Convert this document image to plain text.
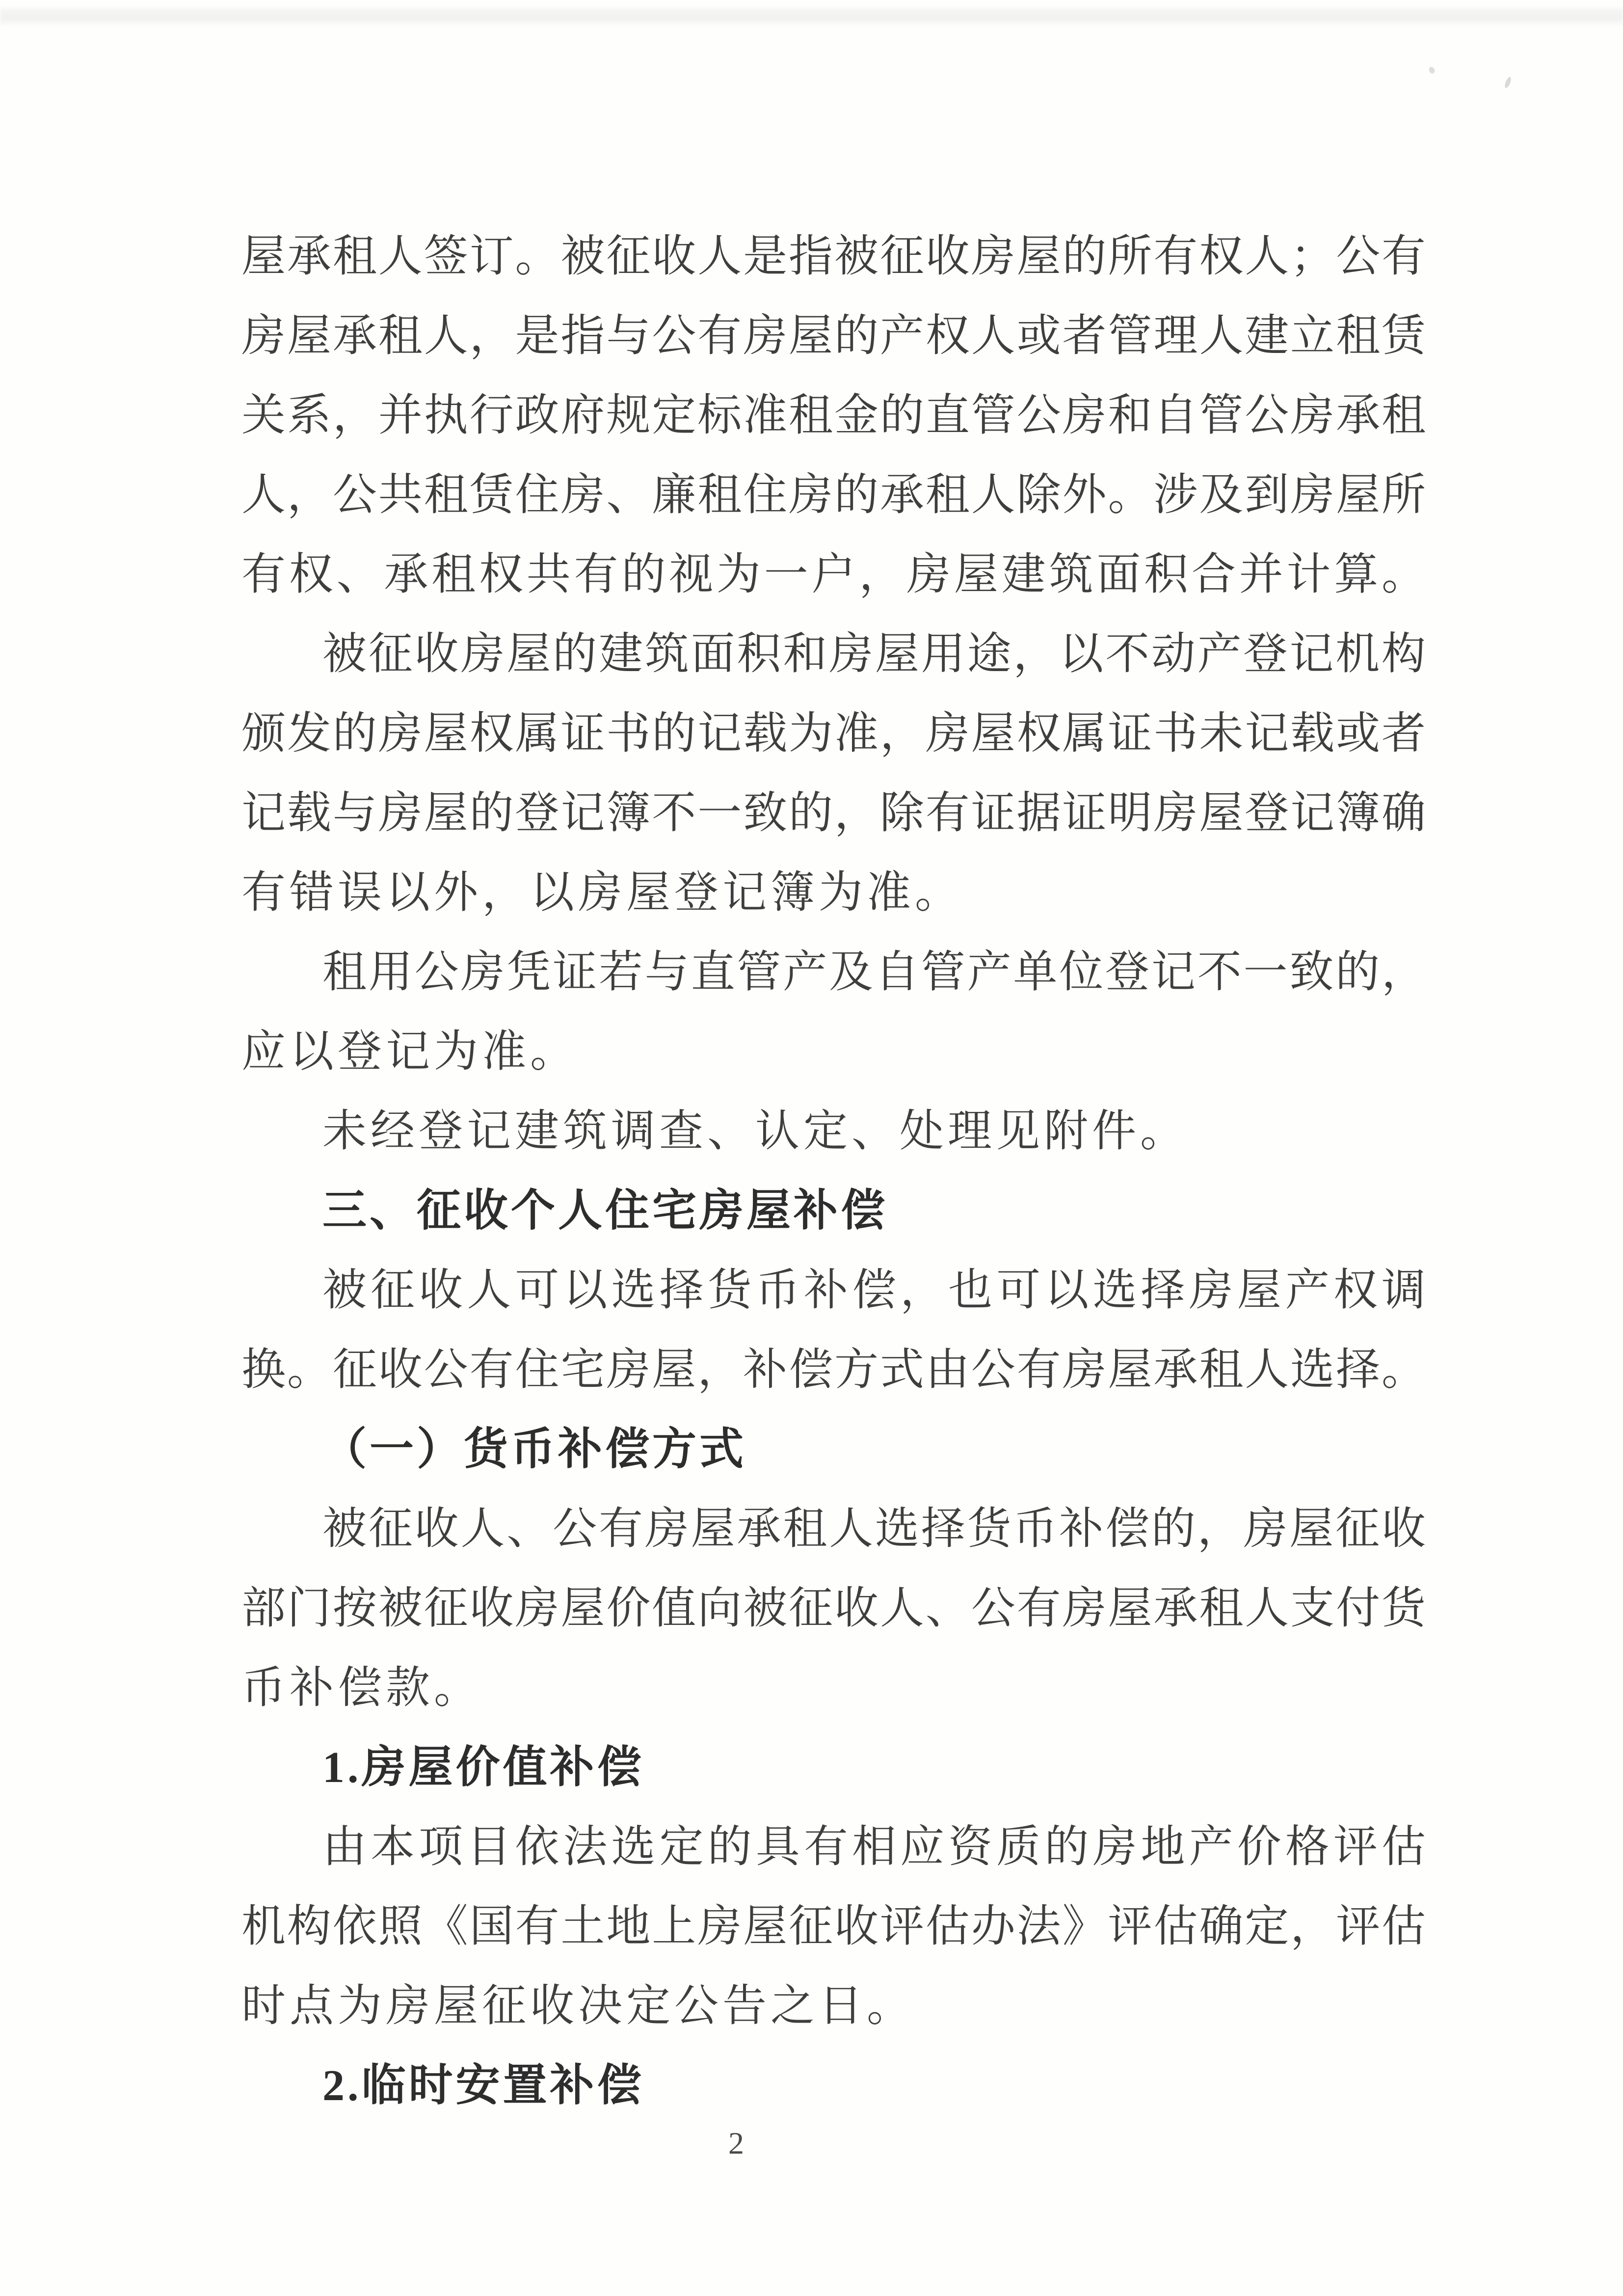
屋承租人签订。被征收人是指被征收房屋的所有权人；公有
房屋承租人，是指与公有房屋的产权人或者管理人建立租赁
关系，并执行政府规定标准租金的直管公房和自管公房承租
人，公共租赁住房、廉租住房的承租人除外。涉及到房屋所
有权、承租权共有的视为一户，房屋建筑面积合并计算。
被征收房屋的建筑面积和房屋用途，以不动产登记机构
颁发的房屋权属证书的记载为准，房屋权属证书未记载或者
记载与房屋的登记簿不一致的，除有证据证明房屋登记簿确
有错误以外，以房屋登记簿为准。
租用公房凭证若与直管产及自管产单位登记不一致的，
应以登记为准。
未经登记建筑调查、认定、处理见附件。
三、征收个人住宅房屋补偿
被征收人可以选择货币补偿，也可以选择房屋产权调
换。征收公有住宅房屋，补偿方式由公有房屋承租人选择。
（一）货币补偿方式
被征收人、公有房屋承租人选择货币补偿的，房屋征收
部门按被征收房屋价值向被征收人、公有房屋承租人支付货
币补偿款。
1.房屋价值补偿
由本项目依法选定的具有相应资质的房地产价格评估
机构依照《国有土地上房屋征收评估办法》评估确定，评估
时点为房屋征收决定公告之日。
2.临时安置补偿
2
